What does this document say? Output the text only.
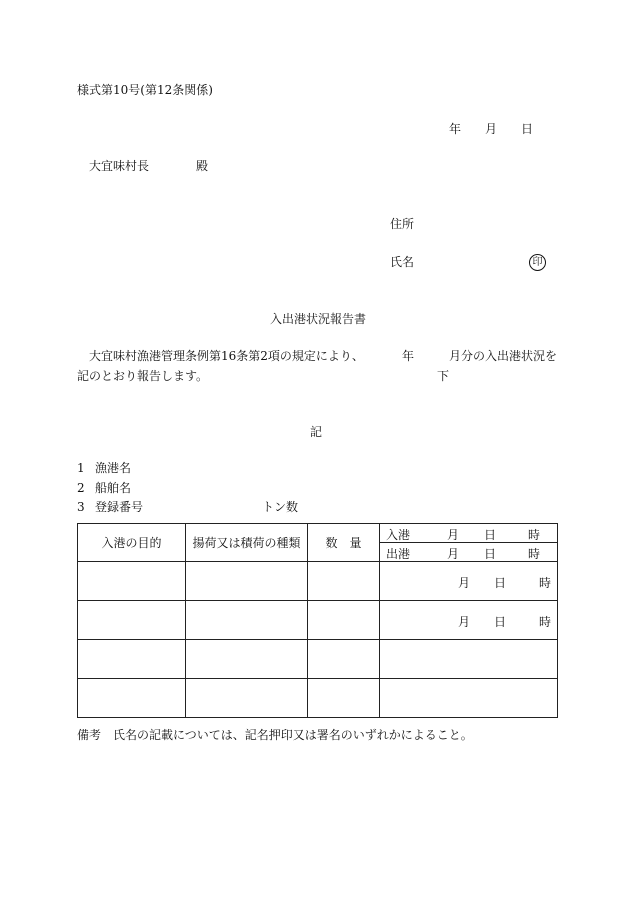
様式第10号(第12条関係)
年 月 日
大宜味村長	殿
住所
氏名	印
入出港状況報告書
大宜味村漁港管理条例第16条第2項の規定により、	年	月分の入出港状況を下
記のとおり報告します。
記
1 漁港名
2 船舶名
3 登録番号	トン数
入港の目的	揚荷又は積荷の種類	数　量	入港 月 日 時

			出港 月 日 時

			月 日 時

			月 日 時

備考　氏名の記載については、記名押印又は署名のいずれかによること。
